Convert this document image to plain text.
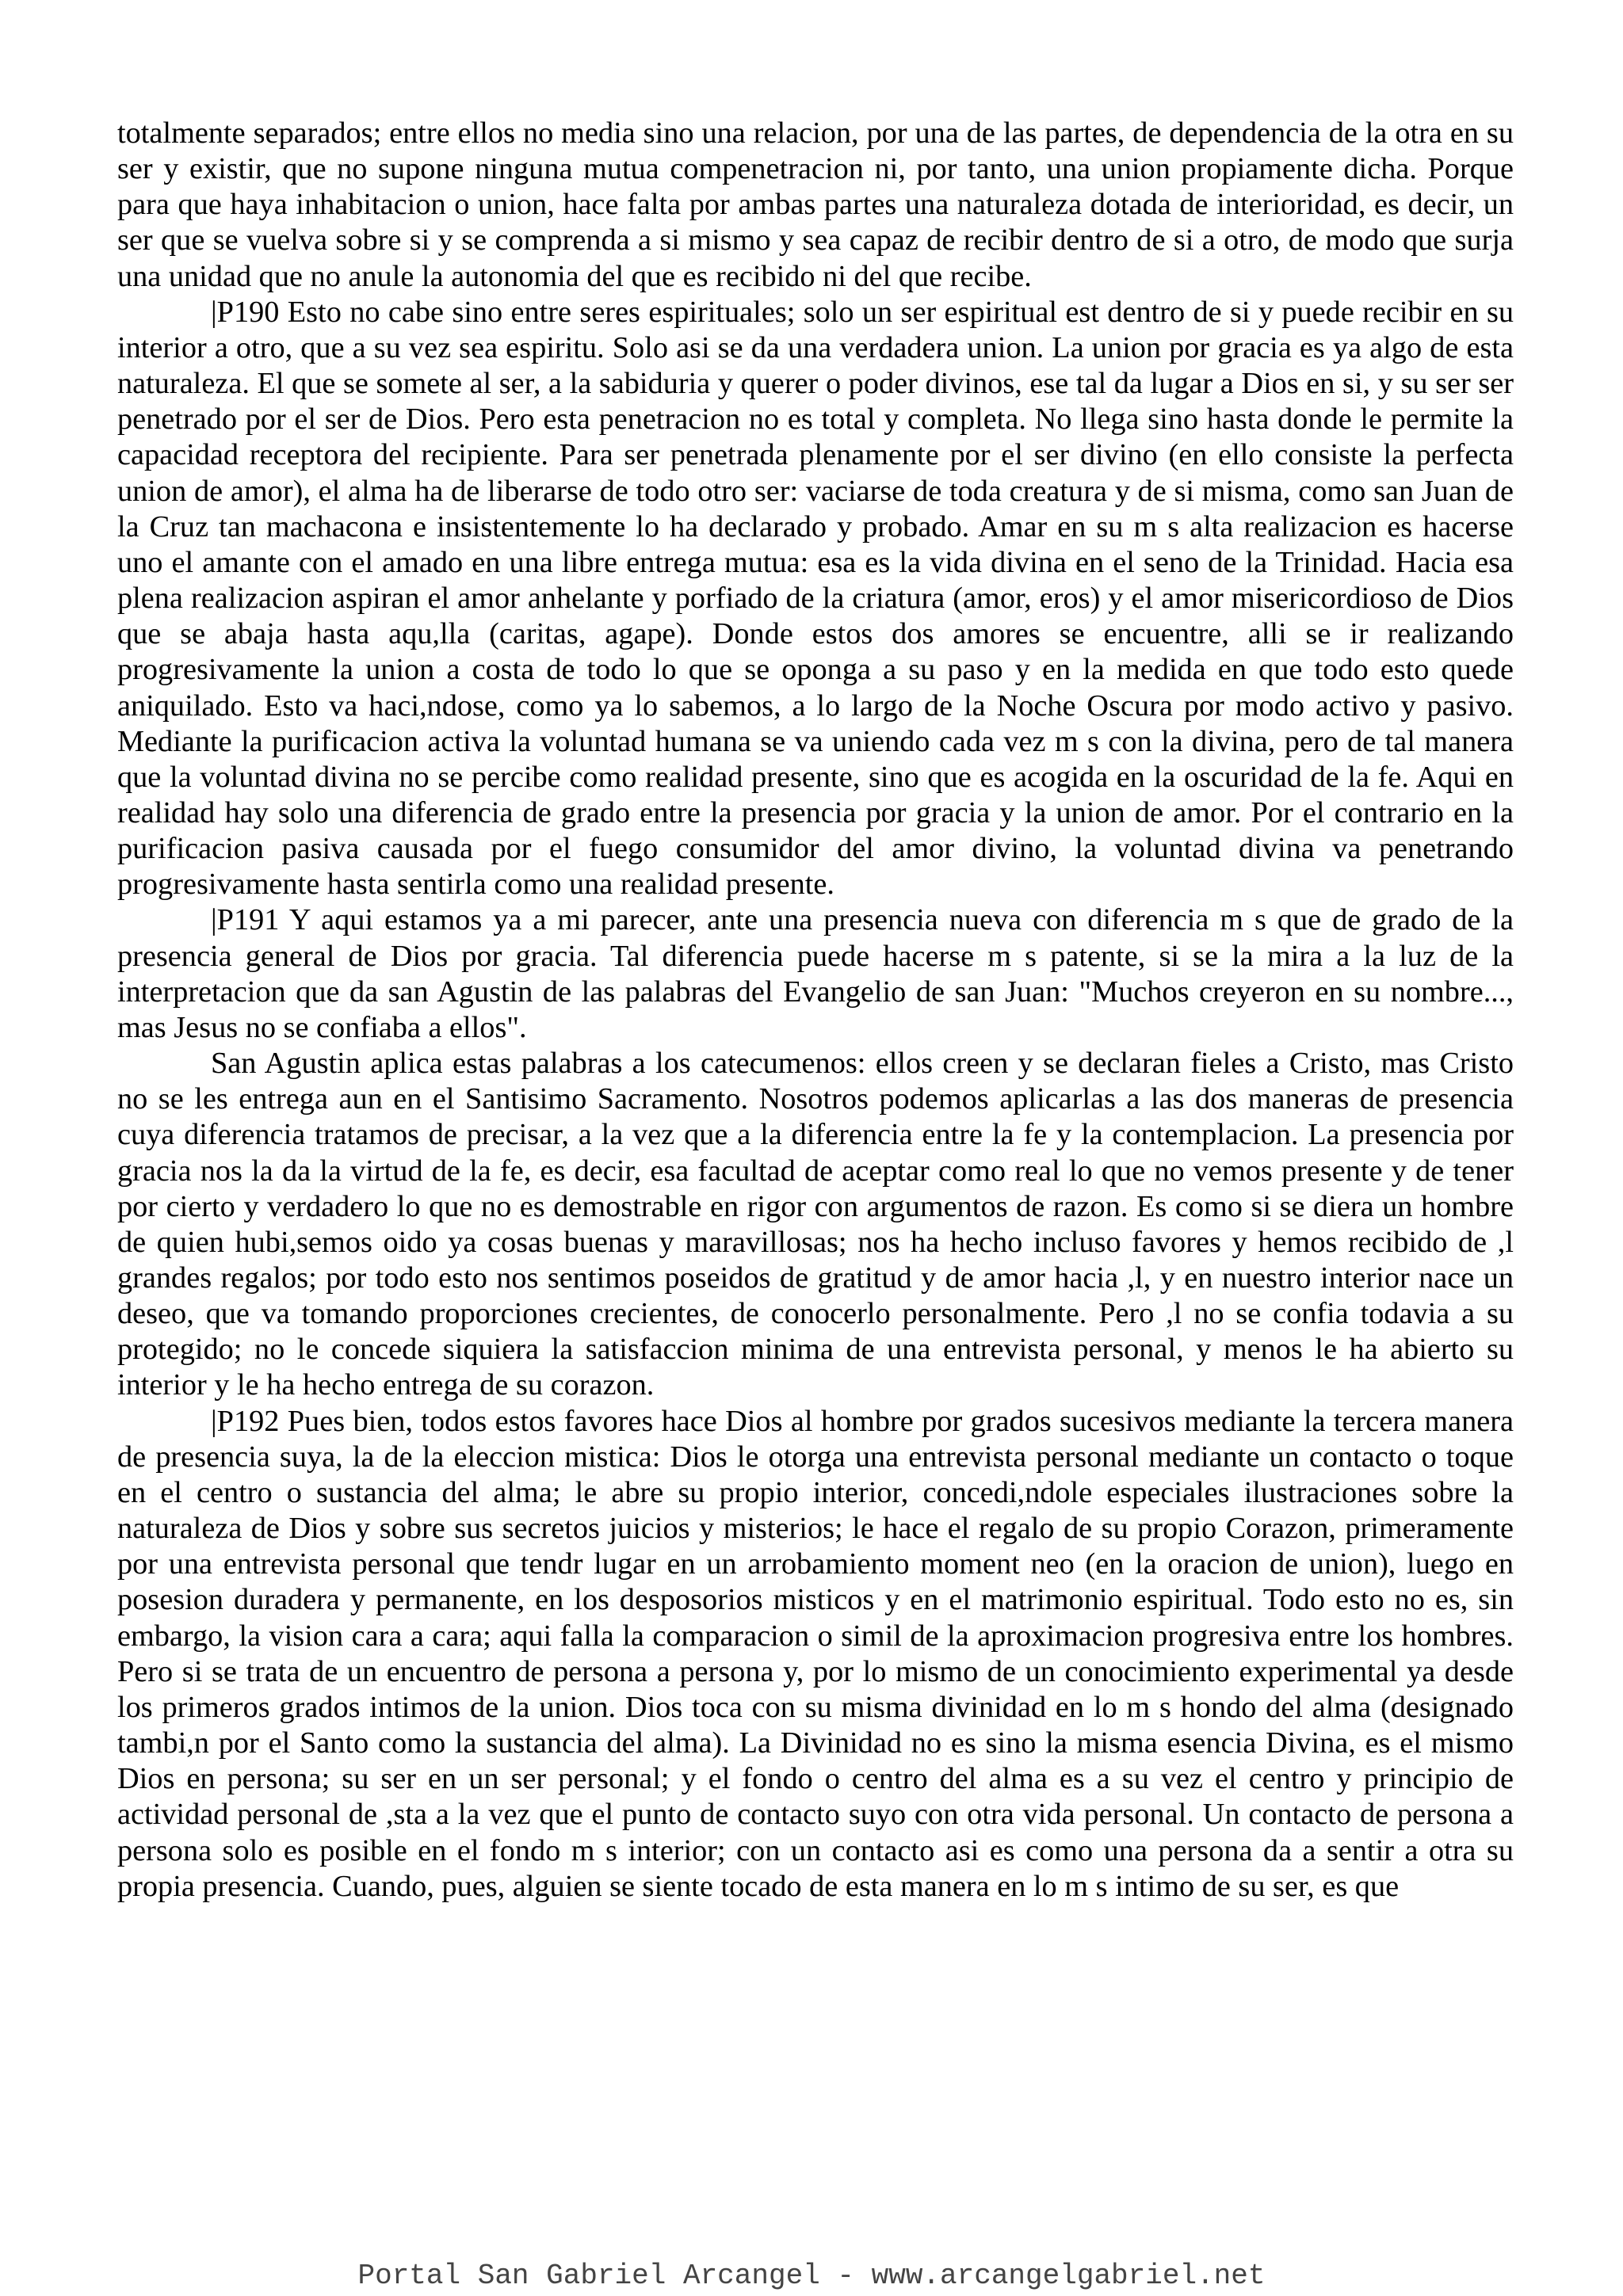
totalmente separados; entre ellos no media sino una relacion, por una de las partes, de dependencia de la otra en su ser y existir, que no supone ninguna mutua compenetracion ni, por tanto, una union propiamente dicha. Porque para que haya inhabitacion o union, hace falta por ambas partes una naturaleza dotada de interioridad, es decir, un ser que se vuelva sobre si y se comprenda a si mismo y sea capaz de recibir dentro de si a otro, de modo que surja una unidad que no anule la autonomia del que es recibido ni del que recibe.

|P190 Esto no cabe sino entre seres espirituales; solo un ser espiritual est dentro de si y puede recibir en su interior a otro, que a su vez sea espiritu. Solo asi se da una verdadera union. La union por gracia es ya algo de esta naturaleza. El que se somete al ser, a la sabiduria y querer o poder divinos, ese tal da lugar a Dios en si, y su ser ser penetrado por el ser de Dios. Pero esta penetracion no es total y completa. No llega sino hasta donde le permite la capacidad receptora del recipiente. Para ser penetrada plenamente por el ser divino (en ello consiste la perfecta union de amor), el alma ha de liberarse de todo otro ser: vaciarse de toda creatura y de si misma, como san Juan de la Cruz tan machacona e insistentemente lo ha declarado y probado. Amar en su m s alta realizacion es hacerse uno el amante con el amado en una libre entrega mutua: esa es la vida divina en el seno de la Trinidad. Hacia esa plena realizacion aspiran el amor anhelante y porfiado de la criatura (amor, eros) y el amor misericordioso de Dios que se abaja hasta aqu,lla (caritas, agape). Donde estos dos amores se encuentre, alli se ir realizando progresivamente la union a costa de todo lo que se oponga a su paso y en la medida en que todo esto quede aniquilado. Esto va haci,ndose, como ya lo sabemos, a lo largo de la Noche Oscura por modo activo y pasivo. Mediante la purificacion activa la voluntad humana se va uniendo cada vez m s con la divina, pero de tal manera que la voluntad divina no se percibe como realidad presente, sino que es acogida en la oscuridad de la fe. Aqui en realidad hay solo una diferencia de grado entre la presencia por gracia y la union de amor. Por el contrario en la purificacion pasiva causada por el fuego consumidor del amor divino, la voluntad divina va penetrando progresivamente hasta sentirla como una realidad presente.

|P191 Y aqui estamos ya a mi parecer, ante una presencia nueva con diferencia m s que de grado de la presencia general de Dios por gracia. Tal diferencia puede hacerse m s patente, si se la mira a la luz de la interpretacion que da san Agustin de las palabras del Evangelio de san Juan: "Muchos creyeron en su nombre..., mas Jesus no se confiaba a ellos".

San Agustin aplica estas palabras a los catecumenos: ellos creen y se declaran fieles a Cristo, mas Cristo no se les entrega aun en el Santisimo Sacramento. Nosotros podemos aplicarlas a las dos maneras de presencia cuya diferencia tratamos de precisar, a la vez que a la diferencia entre la fe y la contemplacion. La presencia por gracia nos la da la virtud de la fe, es decir, esa facultad de aceptar como real lo que no vemos presente y de tener por cierto y verdadero lo que no es demostrable en rigor con argumentos de razon. Es como si se diera un hombre de quien hubi,semos oido ya cosas buenas y maravillosas; nos ha hecho incluso favores y hemos recibido de ,l grandes regalos; por todo esto nos sentimos poseidos de gratitud y de amor hacia ,l, y en nuestro interior nace un deseo, que va tomando proporciones crecientes, de conocerlo personalmente. Pero ,l no se confia todavia a su protegido; no le concede siquiera la satisfaccion minima de una entrevista personal, y menos le ha abierto su interior y le ha hecho entrega de su corazon.

|P192 Pues bien, todos estos favores hace Dios al hombre por grados sucesivos mediante la tercera manera de presencia suya, la de la eleccion mistica: Dios le otorga una entrevista personal mediante un contacto o toque en el centro o sustancia del alma; le abre su propio interior, concedi,ndole especiales ilustraciones sobre la naturaleza de Dios y sobre sus secretos juicios y misterios; le hace el regalo de su propio Corazon, primeramente por una entrevista personal que tendr lugar en un arrobamiento moment neo (en la oracion de union), luego en posesion duradera y permanente, en los desposorios misticos y en el matrimonio espiritual. Todo esto no es, sin embargo, la vision cara a cara; aqui falla la comparacion o simil de la aproximacion progresiva entre los hombres. Pero si se trata de un encuentro de persona a persona y, por lo mismo de un conocimiento experimental ya desde los primeros grados intimos de la union. Dios toca con su misma divinidad en lo m s hondo del alma (designado tambi,n por el Santo como la sustancia del alma). La Divinidad no es sino la misma esencia Divina, es el mismo Dios en persona; su ser en un ser personal; y el fondo o centro del alma es a su vez el centro y principio de actividad personal de ,sta a la vez que el punto de contacto suyo con otra vida personal. Un contacto de persona a persona solo es posible en el fondo m s interior; con un contacto asi es como una persona da a sentir a otra su propia presencia. Cuando, pues, alguien se siente tocado de esta manera en lo m s intimo de su ser, es que

Portal San Gabriel Arcangel - www.arcangelgabriel.net
